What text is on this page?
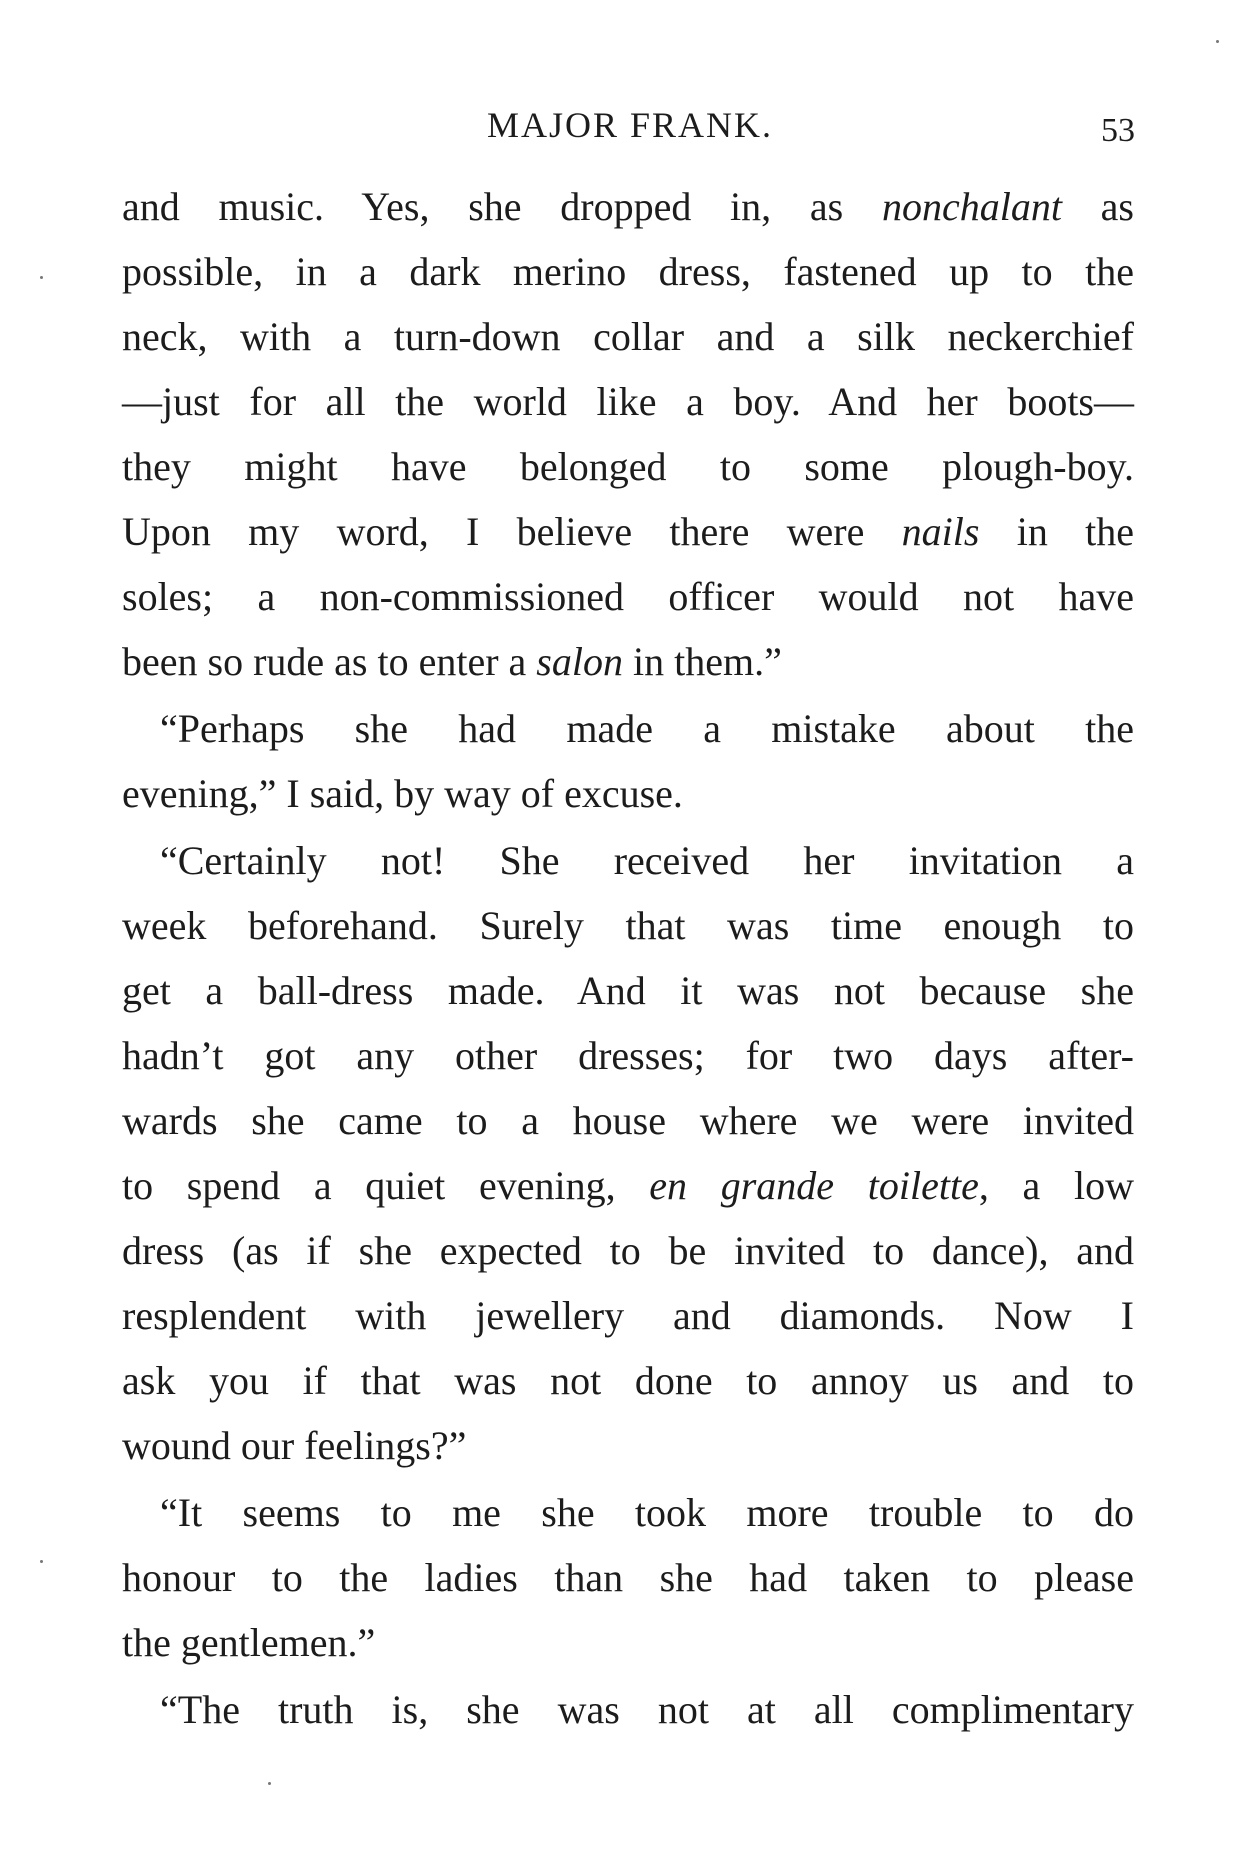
MAJOR FRANK.	53
and music. Yes, she dropped in, as nonchalant as
possible, in a dark merino dress, fastened up to the
neck, with a turn-down collar and a silk neckerchief
—just for all the world like a boy. And her boots—
they might have belonged to some plough-boy.
Upon my word, I believe there were nails in the
soles; a non-commissioned officer would not have
been so rude as to enter a salon in them.”
“Perhaps she had made a mistake about the
evening,” I said, by way of excuse.
“Certainly not! She received her invitation a
week beforehand. Surely that was time enough to
get a ball-dress made. And it was not because she
hadn’t got any other dresses; for two days after-
wards she came to a house where we were invited
to spend a quiet evening, en grande toilette, a low
dress (as if she expected to be invited to dance), and
resplendent with jewellery and diamonds. Now I
ask you if that was not done to annoy us and to
wound our feelings?”
“It seems to me she took more trouble to do
honour to the ladies than she had taken to please
the gentlemen.”
“The truth is, she was not at all complimentary
